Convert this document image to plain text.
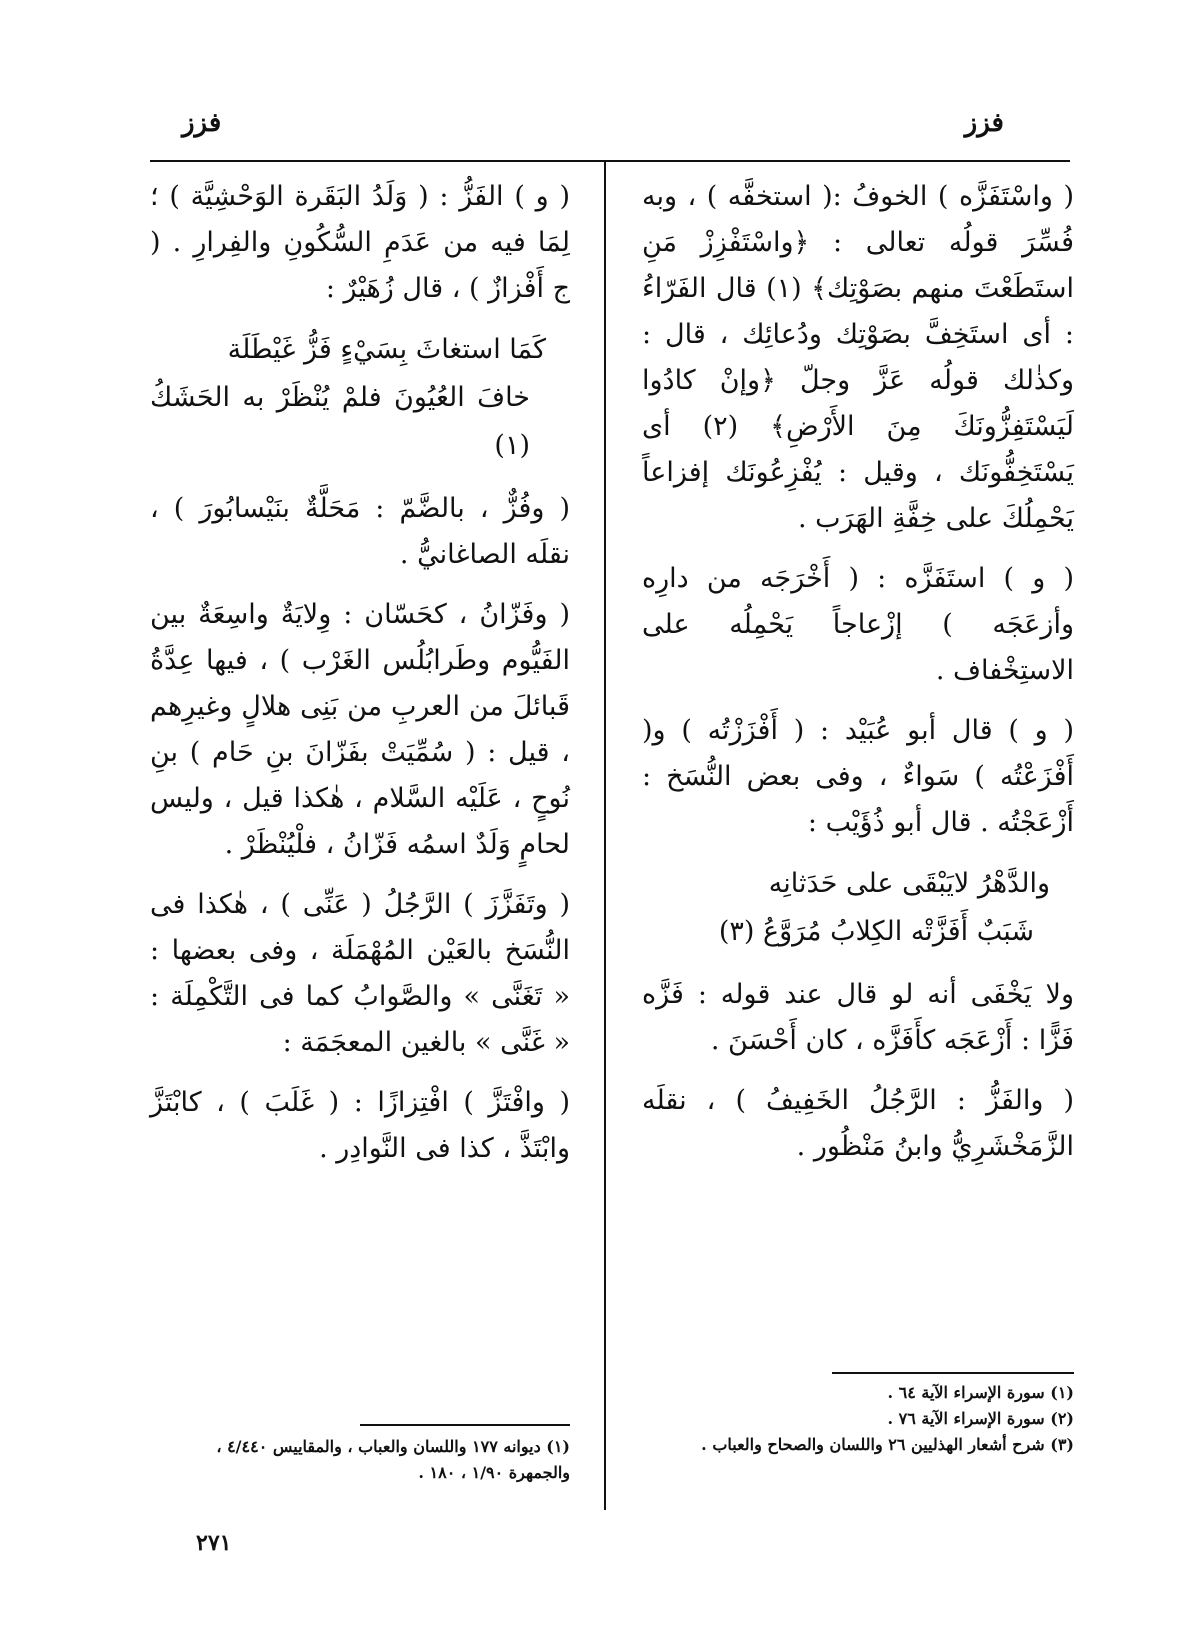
فزز
فزز

( واسْتَفَزَّه ) الخوفُ :( استخفَّه ) ، وبه فُسِّرَ قولُه تعالى : ﴿واسْتَفْزِزْ مَنِ استَطَعْتَ منهم بصَوْتِك﴾ (١) قال الفَرّاءُ : أى استَخِفَّ بصَوْتِك ودُعائِك ، قال : وكذٰلك قولُه عَزَّ وجلّ ﴿وإنْ كادُوا لَيَسْتَفِزُّونَكَ مِنَ الأَرْضِ﴾ (٢) أى يَسْتَخِفُّونَك ، وقيل : يُفْزِعُونَك إفزاعاً يَحْمِلُكَ على خِفَّةِ الهَرَب .

( و ) استَفَزَّه : ( أَخْرَجَه من دارِه وأزعَجَه ) إزْعاجاً يَحْمِلُه على الاستِخْفاف .

( و ) قال أبو عُبَيْد : ( أَفْزَزْتُه ) و( أَفْزَعْتُه ) سَواءٌ ، وفى بعض النُّسَخ : أَزْعَجْتُه . قال أبو ذُؤَيْب :

والدَّهْرُ لايَبْقَى على حَدَثانِه
شَبَبٌ أَفَزَّتْه الكِلابُ مُرَوَّعُ (٣)

ولا يَخْفَى أنه لو قال عند قوله : فَزَّه فَزًّا : أَزْعَجَه كأَفَزَّه ، كان أَحْسَنَ .

( والفَزُّ : الرَّجُلُ الخَفِيفُ ) ، نقلَه الزَّمَخْشَرِيُّ وابنُ مَنْظُور .

(١) سورة الإسراء الآية ٦٤ .
(٢) سورة الإسراء الآية ٧٦ .
(٣) شرح أشعار الهذليين ٢٦ واللسان والصحاح والعباب .

( و ) الفَزُّ : ( وَلَدُ البَقَرة الوَحْشِيَّة ) ؛ لِمَا فيه من عَدَمِ السُّكُونِ والفِرارِ . ( ج أَفْزازٌ ) ، قال زُهَيْرٌ :

كَمَا استغاثَ بِسَيْءٍ فَزُّ غَيْطَلَة
خافَ العُيُونَ فلمْ يُنْظَرْ به الحَشَكُ (١)

( وفُزٌّ ، بالضَّمّ : مَحَلَّةٌ بنَيْسابُورَ ) ، نقلَه الصاغانيُّ .

( وفَزّانُ ، كحَسّان : وِلايَةٌ واسِعَةٌ بين الفَيُّوم وطَرابُلُس الغَرْب ) ، فيها عِدَّةُ قَبائلَ من العربِ من بَنِى هلالٍ وغيرِهم ، قيل : ( سُمِّيَتْ بفَزّانَ بنِ حَام ) بنِ نُوحٍ ، عَلَيْه السَّلام ، هٰكذا قيل ، وليس لحامٍ وَلَدٌ اسمُه فَزّانُ ، فلْيُنْظَرْ .

( وتَفَزَّزَ ) الرَّجُلُ ( عَنِّى ) ، هٰكذا فى النُّسَخ بالعَيْن المُهْمَلَة ، وفى بعضها : « تَغَنَّى » والصَّوابُ كما فى التَّكْمِلَة : « غَنَّى » بالغين المعجَمَة :

( وافْتَزَّ ) افْتِزازًا : ( غَلَبَ ) ، كابْتَزَّ وابْتَذَّ ، كذا فى النَّوادِر .

(١) ديوانه ١٧٧ واللسان والعباب ، والمقاييس ٤/٤٤٠ ، والجمهرة ١/٩٠ ، ١٨٠ .
٢٧١
